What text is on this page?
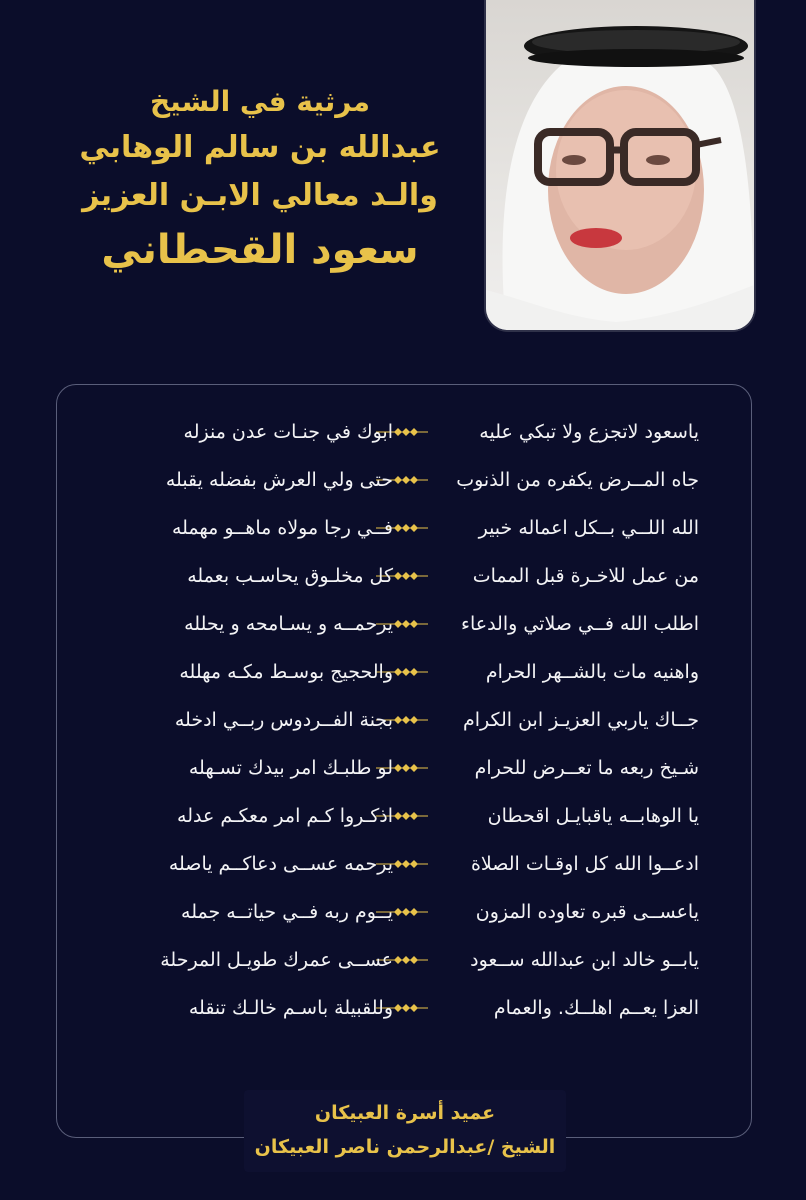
مرثية في الشيخ
عبدالله بن سالم الوهابي
والـد معالي الابـن العزيز
سعود القحطاني
ياسعود لاتجزع ولا تبكي عليه
ابوك في جنـات عدن منزله
جاه المــرض يكفره من الذنوب
حتى ولي العرش بفضله يقبله
الله اللــي بــكل اعماله خبير
فــي رجا مولاه ماهــو مهمله
من عمل للاخـرة قبل الممات
كل مخلـوق يحاسـب بعمله
اطلب الله فــي صلاتي والدعاء
يرحمــه و يسـامحه و يحلله
واهنيه مات بالشــهر الحرام
والحجيج بوسـط مكـه مهلله
جــاك ياربي العزيـز ابن الكرام
بجنة الفــردوس ربــي ادخله
شـيخ ربعه ما تعــرض للحرام
لو طلبـك امر بيدك تسـهله
يا الوهابــه ياقبايـل اقحطان
اذكـروا كـم امر معكـم عدله
ادعــوا الله كل اوقـات الصلاة
يرحمه عســى دعاكــم ياصله
ياعســى قبره تعاوده المزون
يــوم ربه فــي حياتــه جمله
يابــو خالد ابن عبدالله ســعود
عســى عمرك طويـل المرحلة
العزا يعــم اهلــك. والعمام
وللقبيلة باسـم خالـك تنقله
عميد أسرة العبيكان
الشيخ /عبدالرحمن ناصر العبيكان
